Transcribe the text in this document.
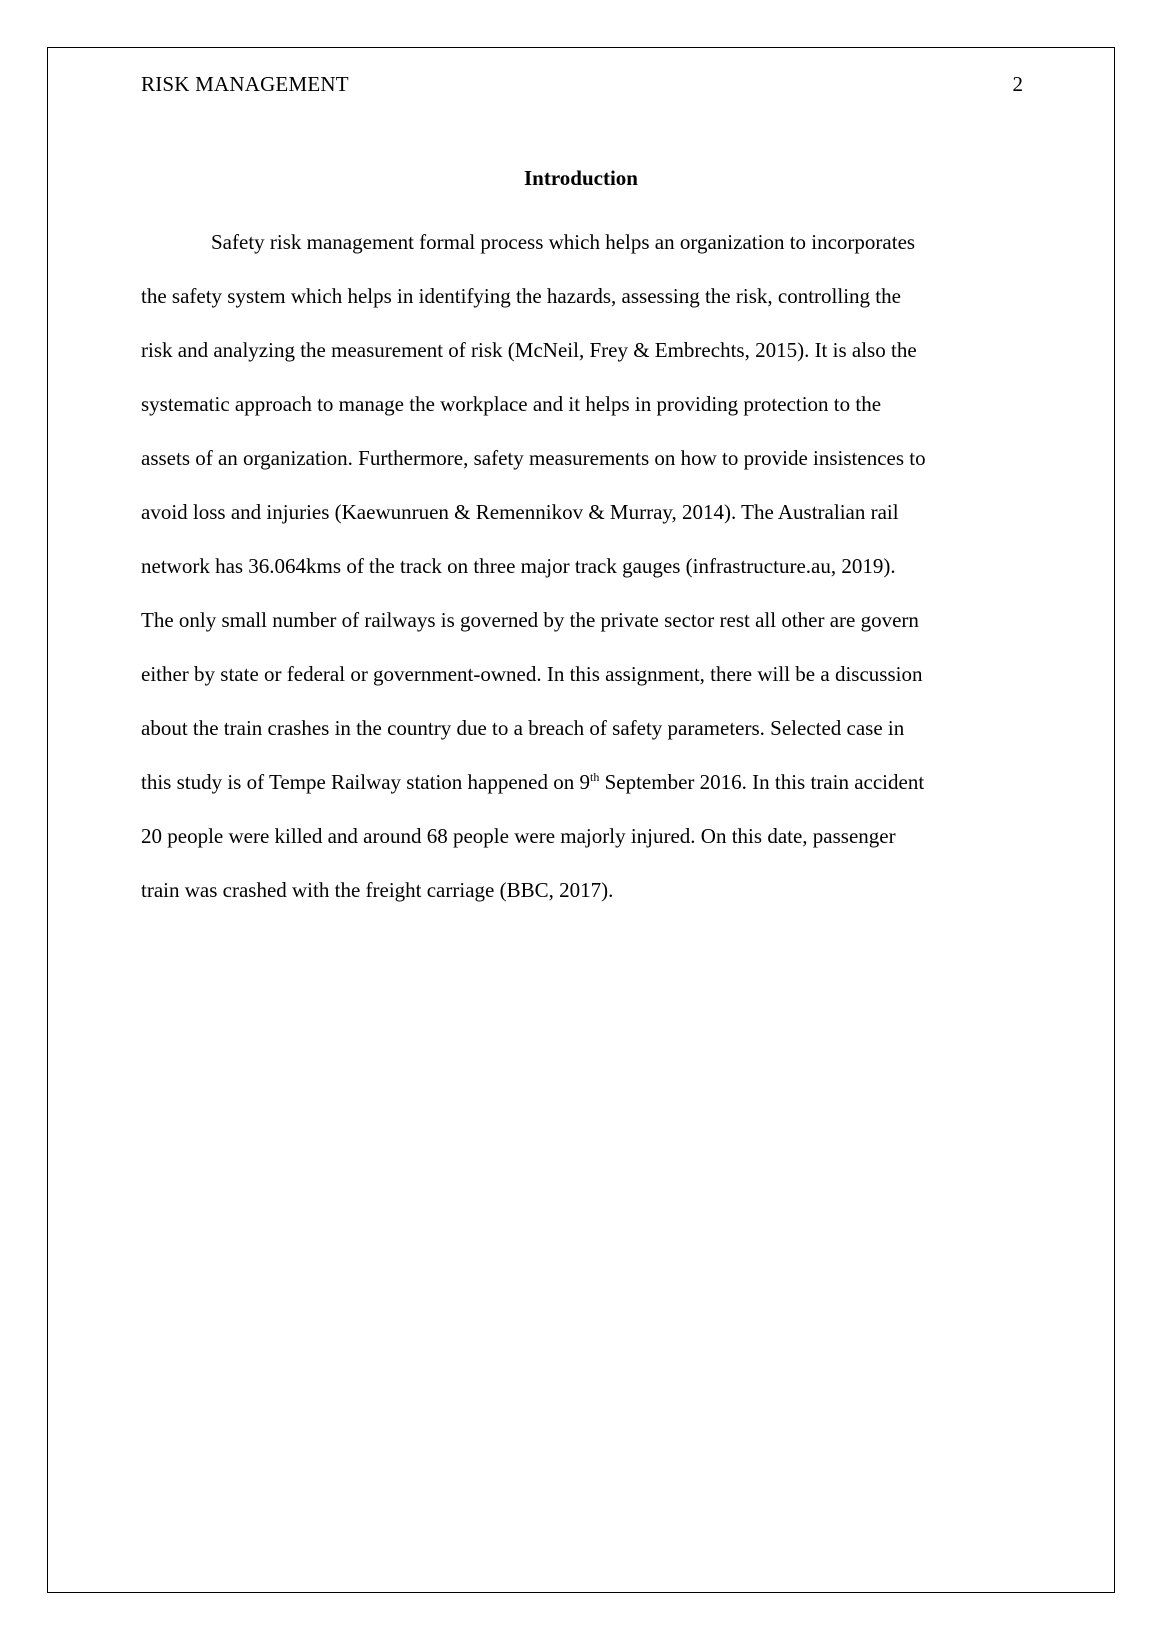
RISK MANAGEMENT	2
Introduction

Safety risk management formal process which helps an organization to incorporates
the safety system which helps in identifying the hazards, assessing the risk, controlling the
risk and analyzing the measurement of risk (McNeil, Frey & Embrechts, 2015). It is also the
systematic approach to manage the workplace and it helps in providing protection to the
assets of an organization. Furthermore, safety measurements on how to provide insistences to
avoid loss and injuries (Kaewunruen & Remennikov & Murray, 2014). The Australian rail
network has 36.064kms of the track on three major track gauges (infrastructure.au, 2019).
The only small number of railways is governed by the private sector rest all other are govern
either by state or federal or government-owned. In this assignment, there will be a discussion
about the train crashes in the country due to a breach of safety parameters. Selected case in
this study is of Tempe Railway station happened on 9th September 2016. In this train accident
20 people were killed and around 68 people were majorly injured. On this date, passenger
train was crashed with the freight carriage (BBC, 2017).
